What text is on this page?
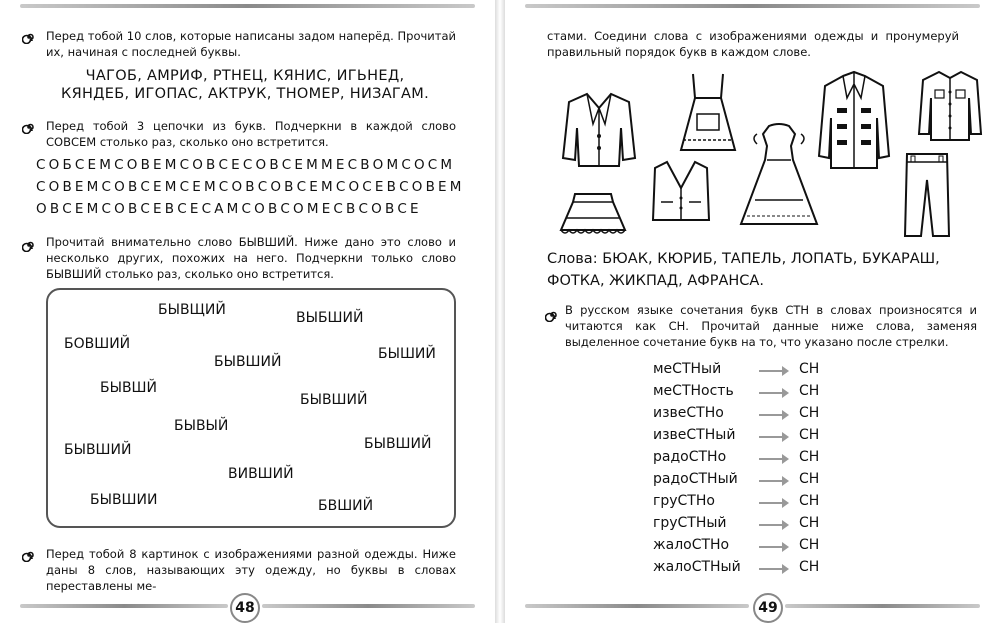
Перед тобой 10 слов, которые написаны задом наперёд. Прочитай их, начиная с последней буквы.
ЧАГОБ, АМРИФ, РТНЕЦ, КЯНИС, ИГЬНЕД,
КЯНДЕБ, ИГОПАС, АКТРУК, ТНОМЕР, НИЗАГАМ.
Перед тобой 3 цепочки из букв. Подчеркни в каждой слово СОВСЕМ столько раз, сколько оно встретится.
СОБСЕМСОВЕМСОВСЕСОВСЕММЕСВОМСОСМ
СОВЕМСОВСЕМСЕМСОВСОВСЕМСОСЕВСОВЕМ
ОВСЕМСОВСЕВСЕСАМСОВСОМЕСВСОВСЕ
Прочитай внимательно слово БЫВШИЙ. Ниже дано это слово и несколько других, похожих на него. Подчеркни только слово БЫВШИЙ столько раз, сколько оно встретится.
БЫВЩИЙ	ВЫБШИЙ
БОВШИЙ
БЫВШИЙ	БЫШИЙ
БЫВШЙ
БЫВШИЙ
БЫВЫЙ
БЫВШИЙ	БЫВШИЙ
ВИВШИЙ
БЫВШИИ	БВШИЙ
Перед тобой 8 картинок с изображениями разной одежды. Ниже даны 8 слов, называющих эту одежду, но буквы в словах переставлены ме-
48
стами. Соедини слова с изображениями одежды и пронумеруй правильный порядок букв в каждом слове.
Слова: БЮАК, КЮРИБ, ТАПЕЛЬ, ЛОПАТЬ, БУКАРАШ,
ФОТКА, ЖИКПАД, АФРАНСА.
В русском языке сочетания букв СТН в словах произносятся и читаются как СН. Прочитай данные ниже слова, заменяя выделенное сочетание букв на то, что указано после стрелки.
меСТНый	СН
меСТНость	СН
извеСТНо	СН
извеСТНый	СН
радоСТНо	СН
радоСТНый	СН
груСТНо	СН
груСТНый	СН
жалоСТНо	СН
жалоСТНый	СН
49
